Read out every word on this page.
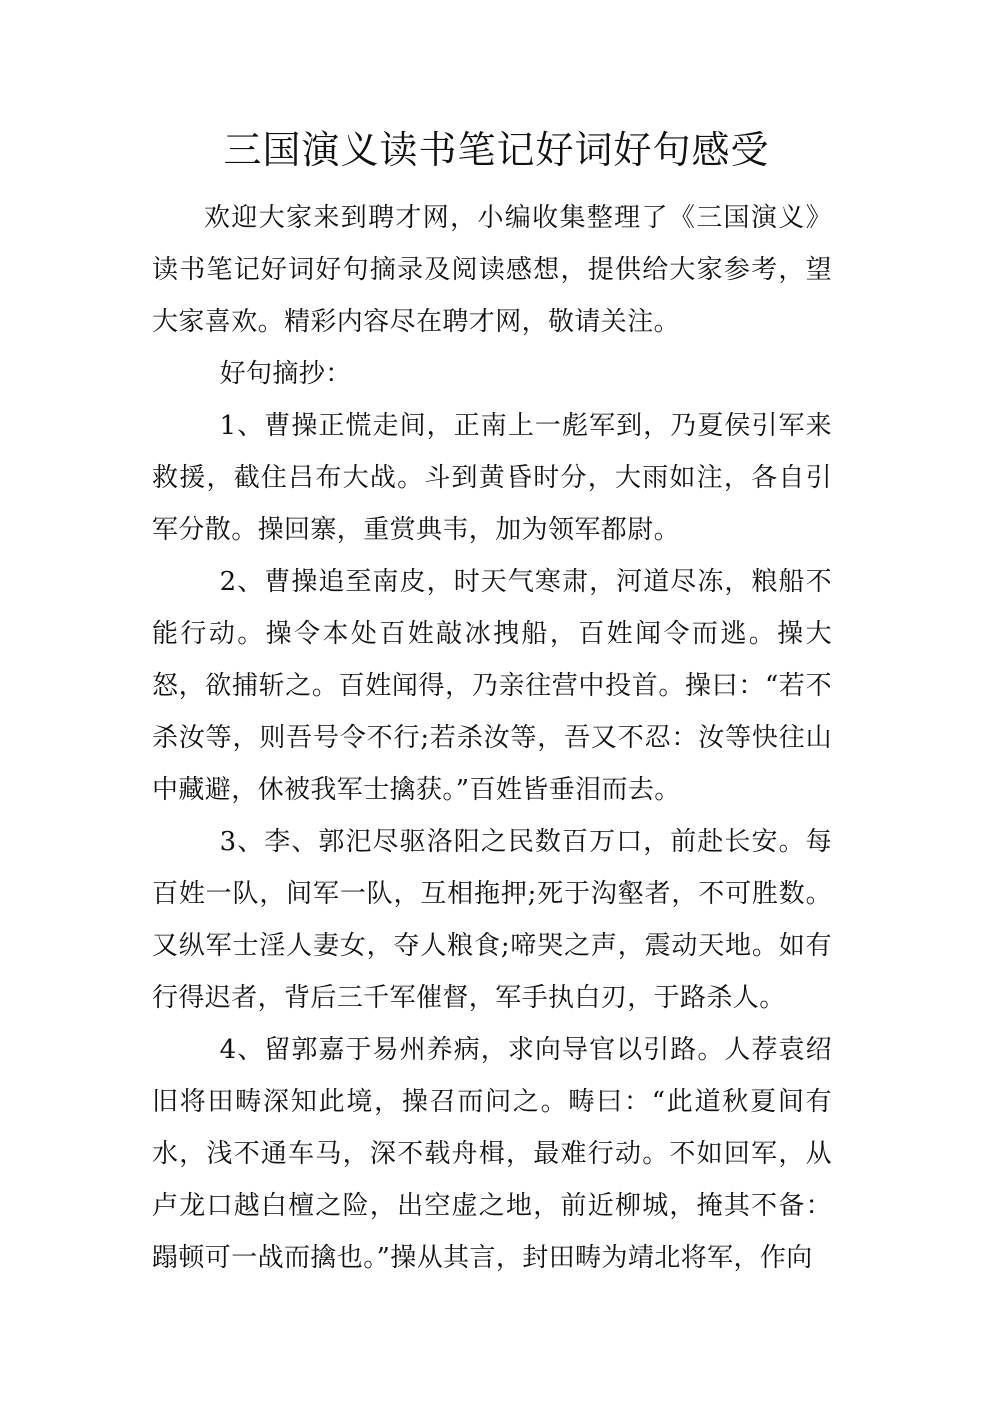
三国演义读书笔记好词好句感受

欢迎大家来到聘才网，小编收集整理了《三国演义》读书笔记好词好句摘录及阅读感想，提供给大家参考，望大家喜欢。精彩内容尽在聘才网，敬请关注。

好句摘抄：

1、曹操正慌走间，正南上一彪军到，乃夏侯引军来救援，截住吕布大战。斗到黄昏时分，大雨如注，各自引军分散。操回寨，重赏典韦，加为领军都尉。

2、曹操追至南皮，时天气寒肃，河道尽冻，粮船不能行动。操令本处百姓敲冰拽船，百姓闻令而逃。操大怒，欲捕斩之。百姓闻得，乃亲往营中投首。操曰：“若不杀汝等，则吾号令不行;若杀汝等，吾又不忍：汝等快往山中藏避，休被我军士擒获。”百姓皆垂泪而去。

3、李、郭汜尽驱洛阳之民数百万口，前赴长安。每百姓一队，间军一队，互相拖押;死于沟壑者，不可胜数。又纵军士淫人妻女，夺人粮食;啼哭之声，震动天地。如有行得迟者，背后三千军催督，军手执白刃，于路杀人。

4、留郭嘉于易州养病，求向导官以引路。人荐袁绍旧将田畴深知此境，操召而问之。畴曰：“此道秋夏间有水，浅不通车马，深不载舟楫，最难行动。不如回军，从卢龙口越白檀之险，出空虚之地，前近柳城，掩其不备：蹋顿可一战而擒也。”操从其言，封田畴为靖北将军，作向
